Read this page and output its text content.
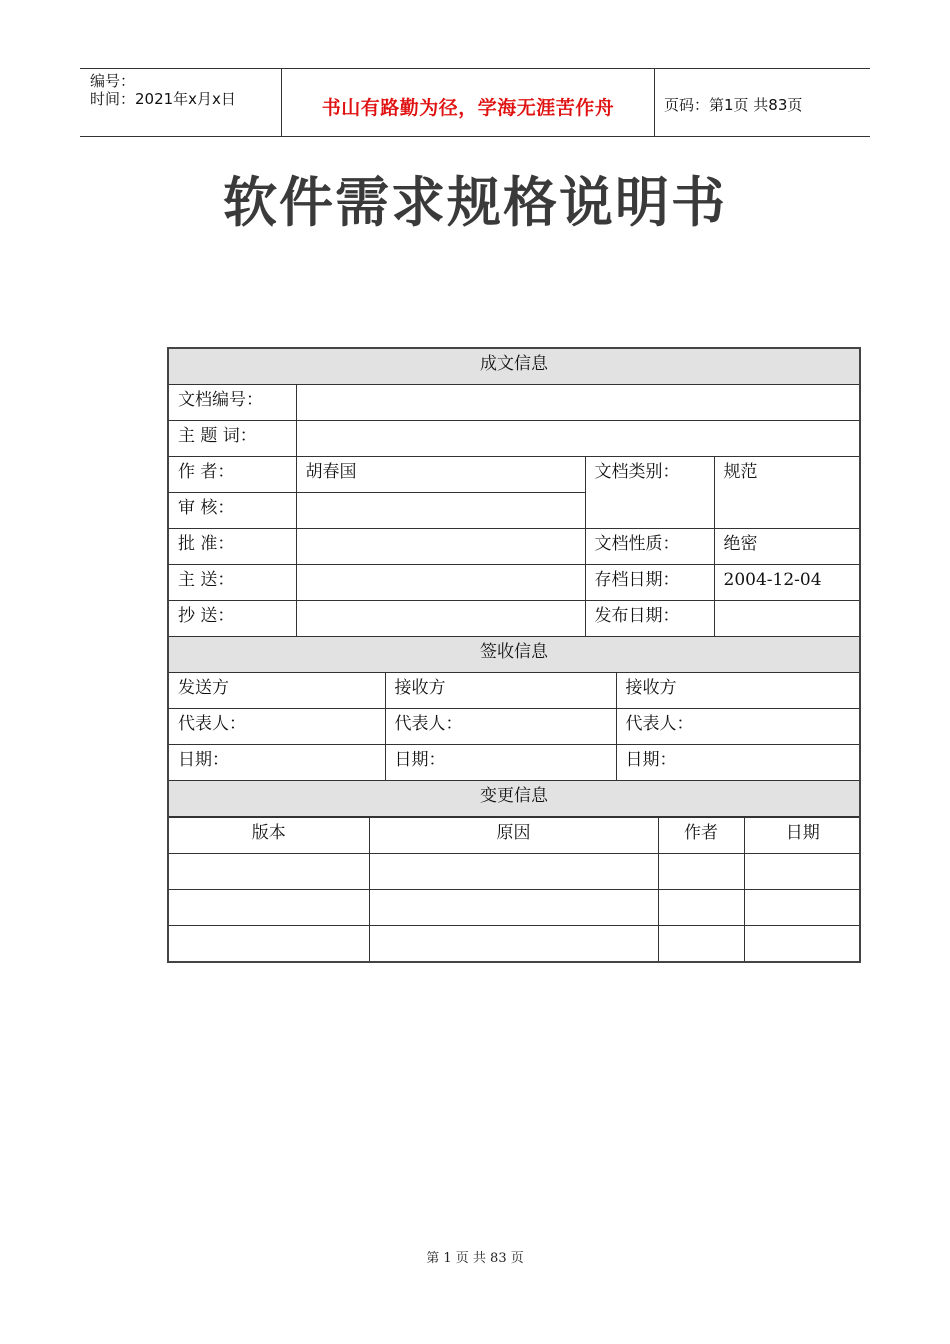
编号：
时间：2021年x月x日	书山有路勤为径，学海无涯苦作舟	页码：第1页 共83页
软件需求规格说明书
成文信息
文档编号：	
主 题 词：	
作 者：	胡春国	文档类别：	规范
审 核：	
批 准：		文档性质：	绝密
主 送：		存档日期：	2004-12-04
抄 送：		发布日期：	
签收信息
发送方	接收方	接收方
代表人：	代表人：	代表人：
日期：	日期：	日期：
变更信息

版本	原因	作者	日期

第 1 页 共 83 页
